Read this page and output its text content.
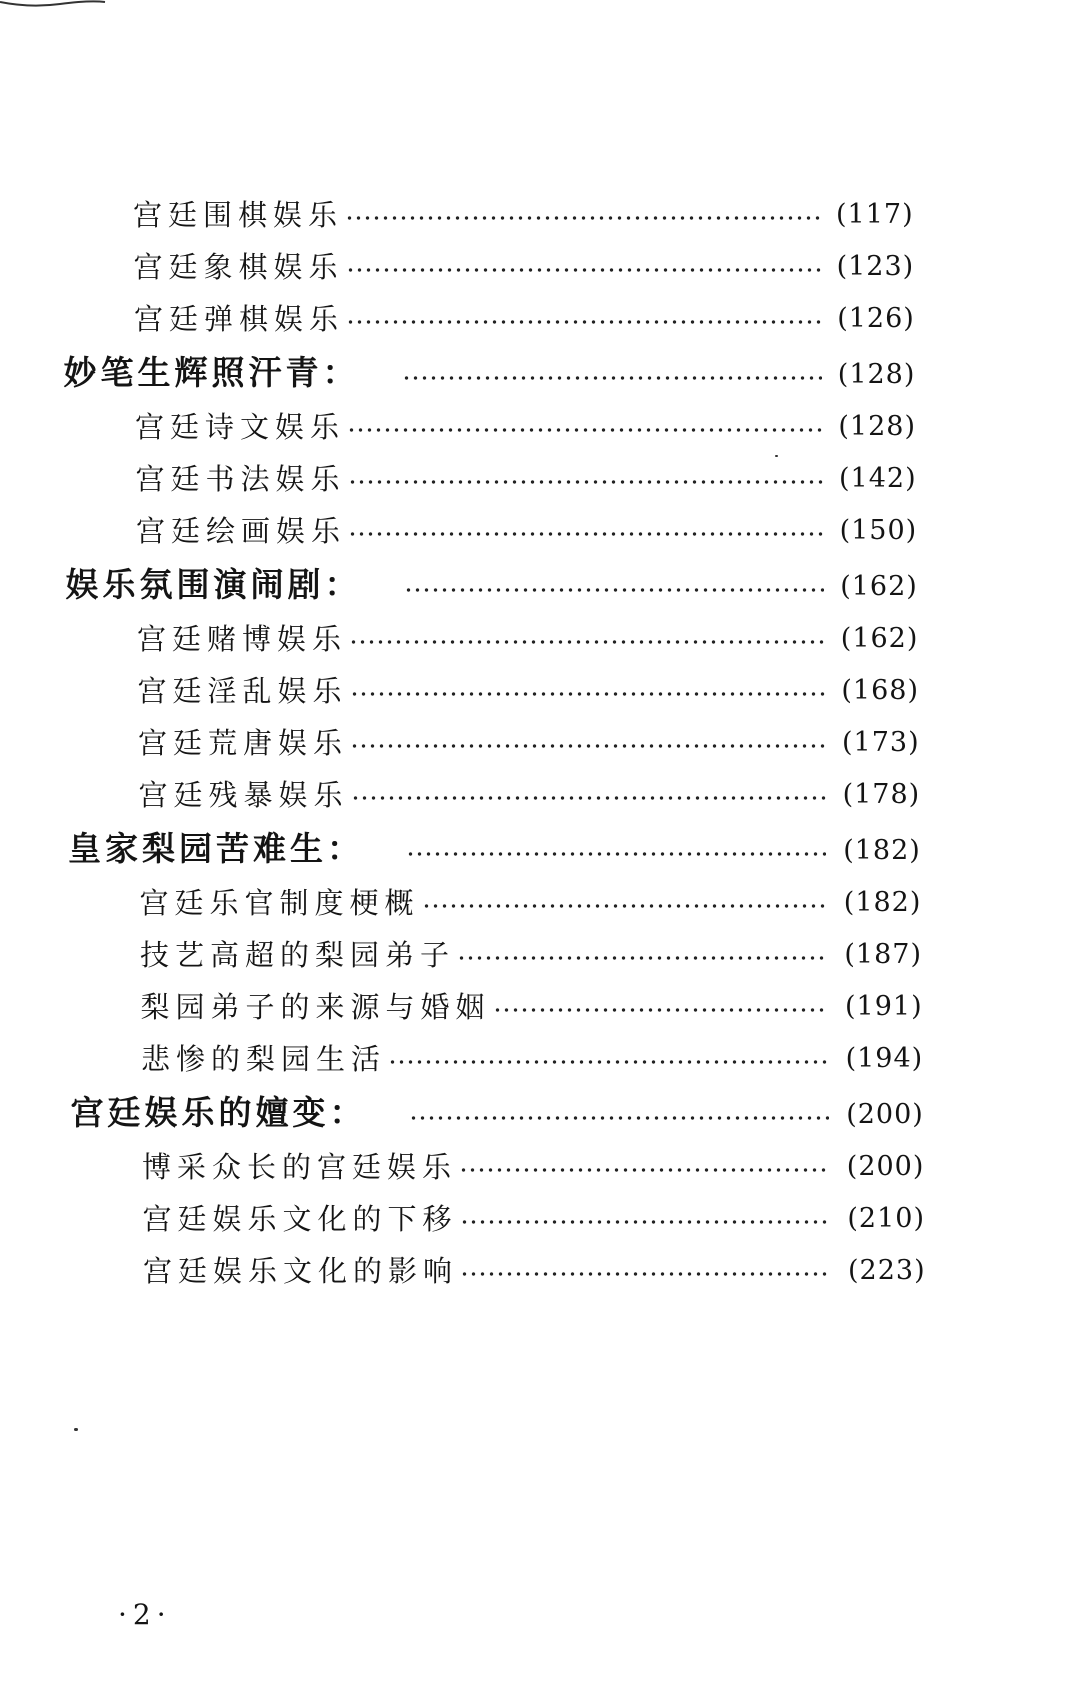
宫廷围棋娱乐	(117)
宫廷象棋娱乐	(123)
宫廷弹棋娱乐	(126)
妙笔生辉照汗青：	(128)
宫廷诗文娱乐	(128)
宫廷书法娱乐	(142)
宫廷绘画娱乐	(150)
娱乐氛围演闹剧：	(162)
宫廷赌博娱乐	(162)
宫廷淫乱娱乐	(168)
宫廷荒唐娱乐	(173)
宫廷残暴娱乐	(178)
皇家梨园苦难生：	(182)
宫廷乐官制度梗概	(182)
技艺高超的梨园弟子	(187)
梨园弟子的来源与婚姻	(191)
悲惨的梨园生活	(194)
宫廷娱乐的嬗变：	(200)
博采众长的宫廷娱乐	(200)
宫廷娱乐文化的下移	(210)
宫廷娱乐文化的影响	(223)
·2·
